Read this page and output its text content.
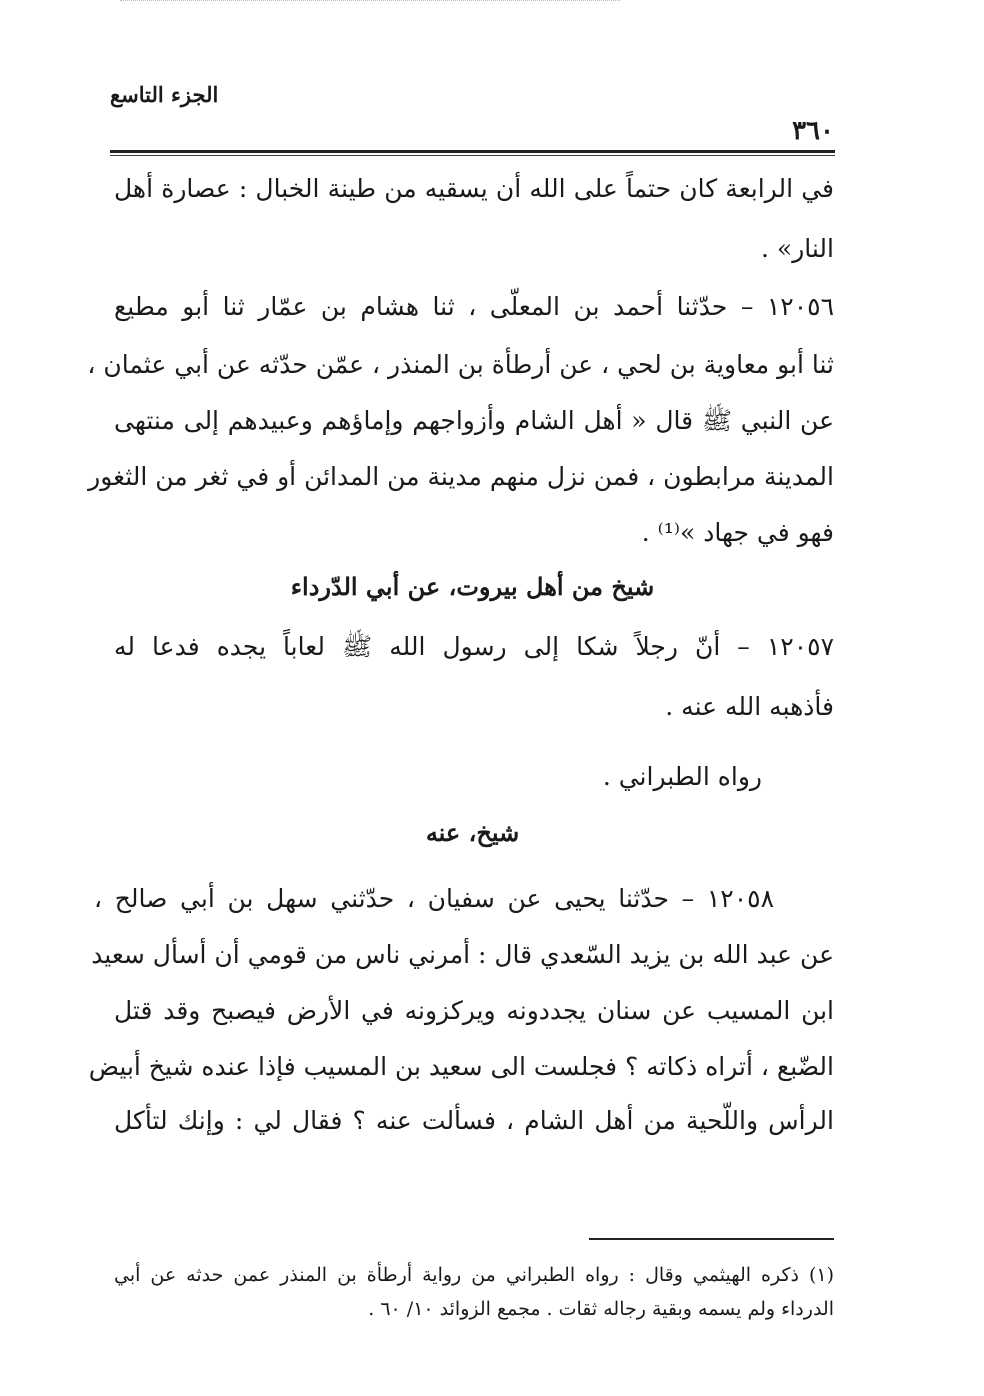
الجزء التاسع
٣٦٠
في الرابعة كان حتماً على الله أن يسقيه من طينة الخبال : عصارة أهل
النار» .
١٢٠٥٦ – حدّثنا أحمد بن المعلّى ، ثنا هشام بن عمّار ثنا أبو مطيع
ثنا أبو معاوية بن لحي ، عن أرطأة بن المنذر ، عمّن حدّثه عن أبي عثمان ،
عن النبي ﷺ قال « أهل الشام وأزواجهم وإماؤهم وعبيدهم إلى منتهى
المدينة مرابطون ، فمن نزل منهم مدينة من المدائن أو في ثغر من الثغور
فهو في جهاد »⁽¹⁾ .
شيخ من أهل بيروت، عن أبي الدّرداء
١٢٠٥٧ – أنّ رجلاً شكا إلى رسول الله ﷺ لعاباً يجده فدعا له
فأذهبه الله عنه .
رواه الطبراني .
شيخ، عنه
١٢٠٥٨ – حدّثنا يحيى عن سفيان ، حدّثني سهل بن أبي صالح ،
عن عبد الله بن يزيد السّعدي قال : أمرني ناس من قومي أن أسأل سعيد
ابن المسيب عن سنان يجددونه ويركزونه في الأرض فيصبح وقد قتل
الضّبع ، أتراه ذكاته ؟ فجلست الى سعيد بن المسيب فإذا عنده شيخ أبيض
الرأس واللّحية من أهل الشام ، فسألت عنه ؟ فقال لي : وإنك لتأكل
(١) ذكره الهيثمي وقال : رواه الطبراني من رواية أرطأة بن المنذر عمن حدثه عن أبي
الدرداء ولم يسمه وبقية رجاله ثقات . مجمع الزوائد ١٠/ ٦٠ .
